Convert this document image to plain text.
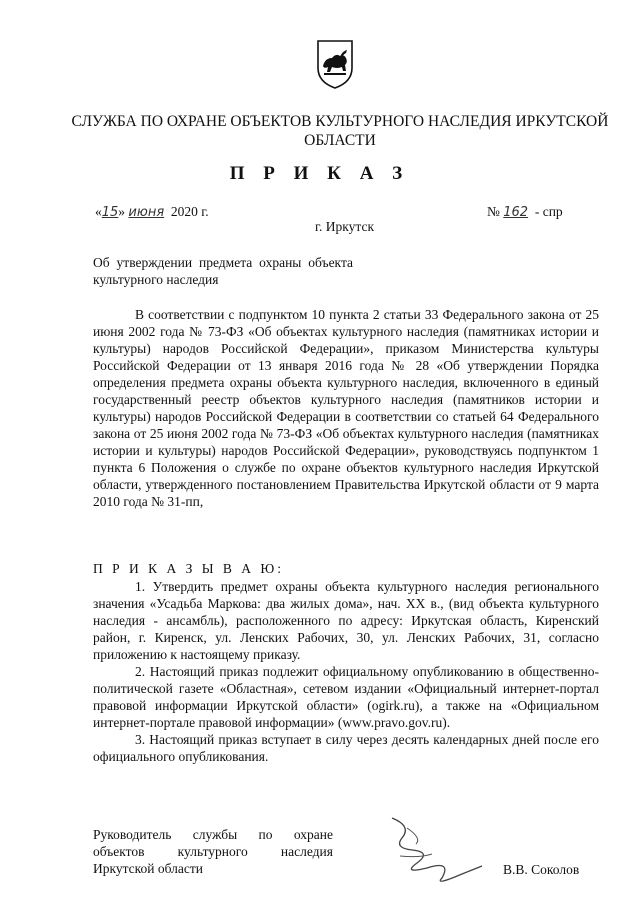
СЛУЖБА ПО ОХРАНЕ ОБЪЕКТОВ КУЛЬТУРНОГО НАСЛЕДИЯ ИРКУТСКОЙ ОБЛАСТИ
П Р И К А З
«15» июня 2020 г.	№ 162 - спр
г. Иркутск
Об утверждении предмета охраны объекта культурного наследия

В соответствии с подпунктом 10 пункта 2 статьи 33 Федерального закона от 25 июня 2002 года № 73-ФЗ «Об объектах культурного наследия (памятниках истории и культуры) народов Российской Федерации», приказом Министерства культуры Российской Федерации от 13 января 2016 года № 28 «Об утверждении Порядка определения предмета охраны объекта культурного наследия, включенного в единый государственный реестр объектов культурного наследия (памятников истории и культуры) народов Российской Федерации в соответствии со статьей 64 Федерального закона от 25 июня 2002 года № 73-ФЗ «Об объектах культурного наследия (памятниках истории и культуры) народов Российской Федерации», руководствуясь подпунктом 1 пункта 6 Положения о службе по охране объектов культурного наследия Иркутской области, утвержденного постановлением Правительства Иркутской области от 9 марта 2010 года № 31-пп,

П Р И К А З Ы В А Ю:

1. Утвердить предмет охраны объекта культурного наследия регионального значения «Усадьба Маркова: два жилых дома», нач. XX в., (вид объекта культурного наследия - ансамбль), расположенного по адресу: Иркутская область, Киренский район, г. Киренск, ул. Ленских Рабочих, 30, ул. Ленских Рабочих, 31, согласно приложению к настоящему приказу.

2. Настоящий приказ подлежит официальному опубликованию в общественно-политической газете «Областная», сетевом издании «Официальный интернет-портал правовой информации Иркутской области» (ogirk.ru), а также на «Официальном интернет-портале правовой информации» (www.pravo.gov.ru).

3. Настоящий приказ вступает в силу через десять календарных дней после его официального опубликования.

Руководитель службы по охране объектов культурного наследия Иркутской области	В.В. Соколов
